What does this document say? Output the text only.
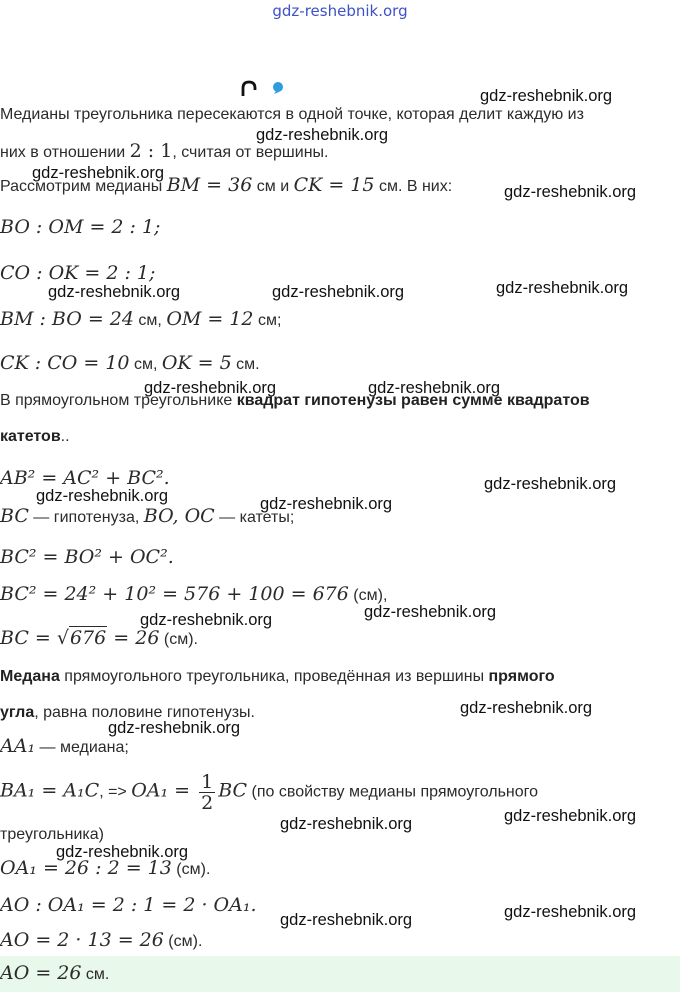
gdz-reshebnik.org
gdz-reshebnik.org
gdz-reshebnik.org
gdz-reshebnik.org
gdz-reshebnik.org
gdz-reshebnik.org	gdz-reshebnik.org	gdz-reshebnik.org
gdz-reshebnik.org	gdz-reshebnik.org
gdz-reshebnik.org
gdz-reshebnik.org	gdz-reshebnik.org
gdz-reshebnik.org
gdz-reshebnik.org
gdz-reshebnik.org
gdz-reshebnik.org
gdz-reshebnik.org
gdz-reshebnik.org
gdz-reshebnik.org
gdz-reshebnik.org
gdz-reshebnik.org
Медианы треугольника пересекаются в одной точке, которая делит каждую из
них в отношении 2 : 1, считая от вершины.
Рассмотрим медианы BM = 36 см и CK = 15 см. В них:
BO : OM = 2 : 1;
CO : OK = 2 : 1;
BM : BO = 24 см, OM = 12 см;
CK : CO = 10 см, OK = 5 см.
В прямоугольном треугольнике квадрат гипотенузы равен сумме квадратов
катетов..
AB² = AC² + BC².
BC — гипотенуза, BO, OC — катеты;
BC² = BO² + OC².
BC² = 24² + 10² = 576 + 100 = 676 (см),
BC = √676 = 26 (см).
Медана прямоугольного треугольника, проведённая из вершины прямого
угла, равна половине гипотенузы.
AA₁ — медиана;
BA₁ = A₁C, => $OA_1 = \frac{1}{2}$ BC (по свойству медианы прямоугольного
треугольника)
OA₁ = 26 : 2 = 13 (см).
AO : OA₁ = 2 : 1 = 2 · OA₁.
AO = 2 · 13 = 26 (см).
AO = 26 см.
